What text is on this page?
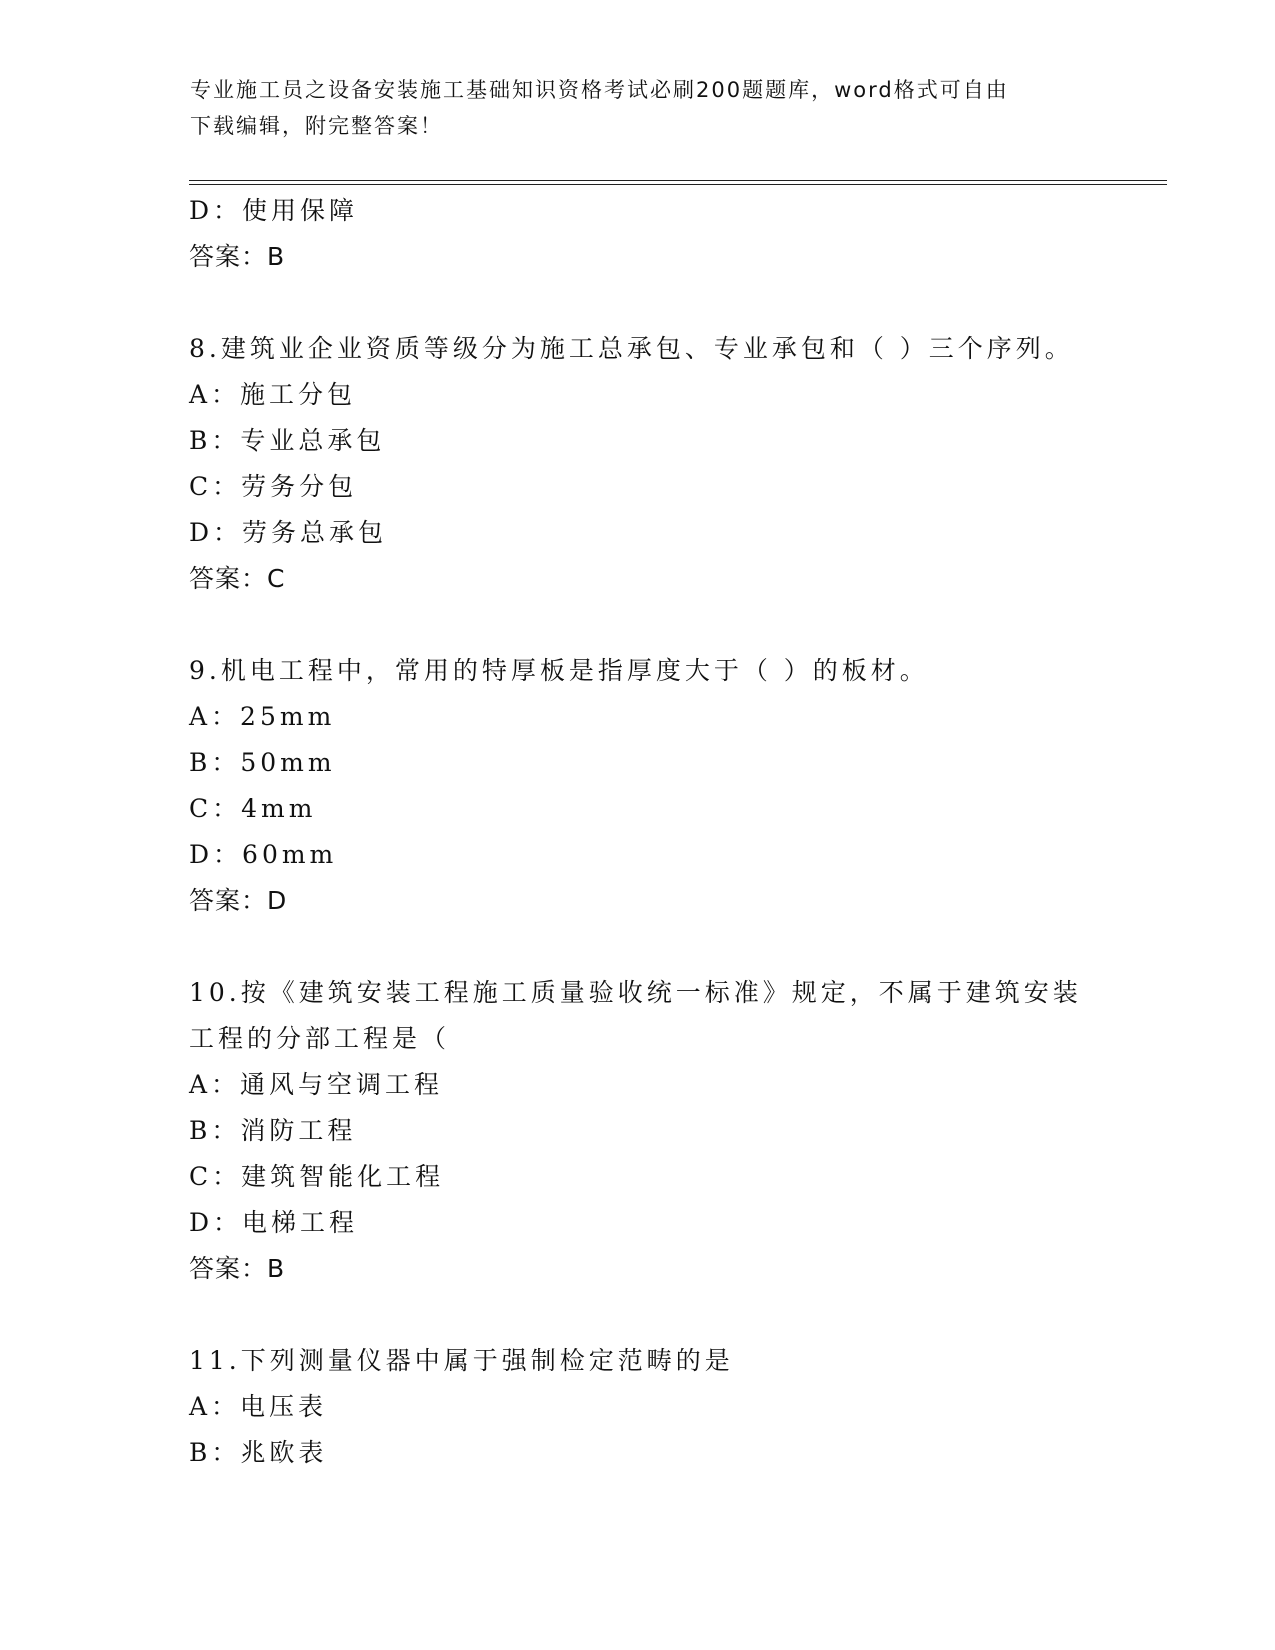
专业施工员之设备安装施工基础知识资格考试必刷200题题库，word格式可自由
下载编辑，附完整答案！
D：使用保障
答案：B
8.建筑业企业资质等级分为施工总承包、专业承包和（ ）三个序列。
A：施工分包
B：专业总承包
C：劳务分包
D：劳务总承包
答案：C
9.机电工程中，常用的特厚板是指厚度大于（ ）的板材。
A：25mm
B：50mm
C：4mm
D：60mm
答案：D
10.按《建筑安装工程施工质量验收统一标准》规定，不属于建筑安装
工程的分部工程是（
A：通风与空调工程
B：消防工程
C：建筑智能化工程
D：电梯工程
答案：B
11.下列测量仪器中属于强制检定范畴的是
A：电压表
B：兆欧表
